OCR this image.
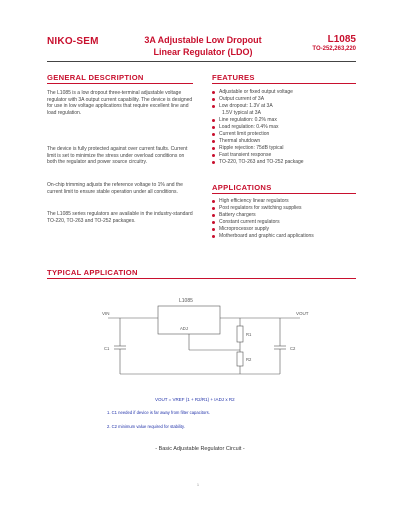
NIKO-SEM	3A Adjustable Low Dropout
Linear Regulator (LDO)
L1085
TO-252,263,220
GENERAL DESCRIPTION
The L1085 is a low dropout three-terminal adjustable voltage regulator with 3A output current capability. The device is designed for use in low voltage applications that require excellent line and load regulation.
The device is fully protected against over current faults. Current limit is set to minimize the stress under overload conditions on both the regulator and power source circuitry.
On-chip trimming adjusts the reference voltage to 1% and the current limit to ensure stable operation under all conditions.
The L1085 series regulators are available in the industry-standard TO-220, TO-263 and TO-252 packages.
FEATURES
Adjustable or fixed output voltage
Output current of 3A
Low dropout: 1.3V at 3A
1.5V typical at 3A
Line regulation: 0.2% max
Load regulation: 0.4% max
Current limit protection
Thermal shutdown
Ripple rejection: 75dB typical
Fast transient response
TO-220, TO-263 and TO-252 package
APPLICATIONS
High efficiency linear regulators
Post regulators for switching supplies
Battery chargers
Constant current regulators
Microprocessor supply
Motherboard and graphic card applications
TYPICAL APPLICATION
L1085
VIN	VOUT
ADJ
R1
R2
C1	C2
VOUT = VREF (1 + R2/R1) + IADJ x R2
1. C1 needed if device is far away from filter capacitors.
2. C2 minimum value required for stability.
- Basic Adjustable Regulator Circuit -
1
